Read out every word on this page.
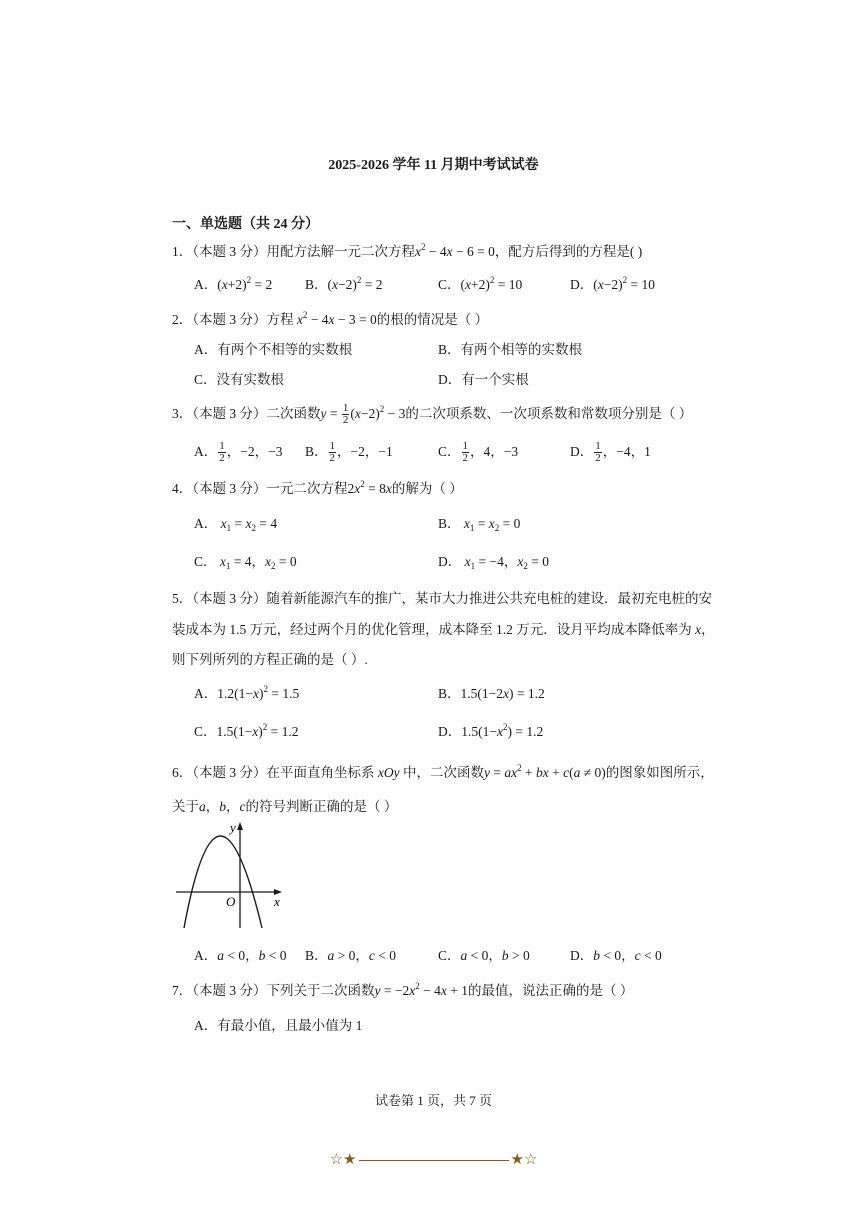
2025-2026 学年 11 月期中考试试卷
一、单选题（共 24 分）
1．（本题 3 分）用配方法解一元二次方程$x^2 - 4x - 6 = 0$，配方后得到的方程是( )
A．$(x+2)^2 = 2$ B．$(x-2)^2 = 2$	C．$(x+2)^2 = 10$	D．$(x-2)^2 = 10$
2．（本题 3 分）方程 $x^2 - 4x - 3 = 0$的根的情况是（ ）
A．有两个不相等的实数根	B．有两个相等的实数根
C．没有实数根	D．有一个实根
3．（本题 3 分）二次函数$y = \frac{1}{2} (x-2)^2 - 3$的二次项系数、一次项系数和常数项分别是（ ）
A． $\frac{1}{2}$ ，−2，−3 B． $\frac{1}{2}$ ，−2，−1	C． $\frac{1}{2}$ ，4，−3	D． $\frac{1}{2}$ ，−4，1
4．（本题 3 分）一元二次方程$2x^2 = 8x$的解为（ ）
A． $x_1 = x_2 = 4$	B． $x_1 = x_2 = 0$
C． $x_1 = 4$，$x_2 = 0$	D． $x_1 = -4$，$x_2 = 0$
5．（本题 3 分）随着新能源汽车的推广，某市大力推进公共充电桩的建设．最初充电桩的安
装成本为 1.5 万元，经过两个月的优化管理，成本降至 1.2 万元．设月平均成本降低率为 x，
则下列所列的方程正确的是（ ）.
A．$1.2(1-x)^2 = 1.5$	B．1.5(1−2x) = 1.2
C．$1.5(1-x)^2 = 1.2$	D．$1.5(1-x^2) = 1.2$
6．（本题 3 分）在平面直角坐标系 xOy 中，二次函数$y = ax^2$ + bx + c(a ≠ 0)的图象如图所示，
关于a，b，c的符号判断正确的是（ ）
y
x
O
A．a < 0，b < 0 B．a > 0，c < 0	C．a < 0，b > 0	D．b < 0，c < 0
7．（本题 3 分）下列关于二次函数$y = -2x^2 - 4x + 1$的最值，说法正确的是（ ）
A．有最小值，且最小值为 1
试卷第 1 页，共 7 页
☆★	★☆
